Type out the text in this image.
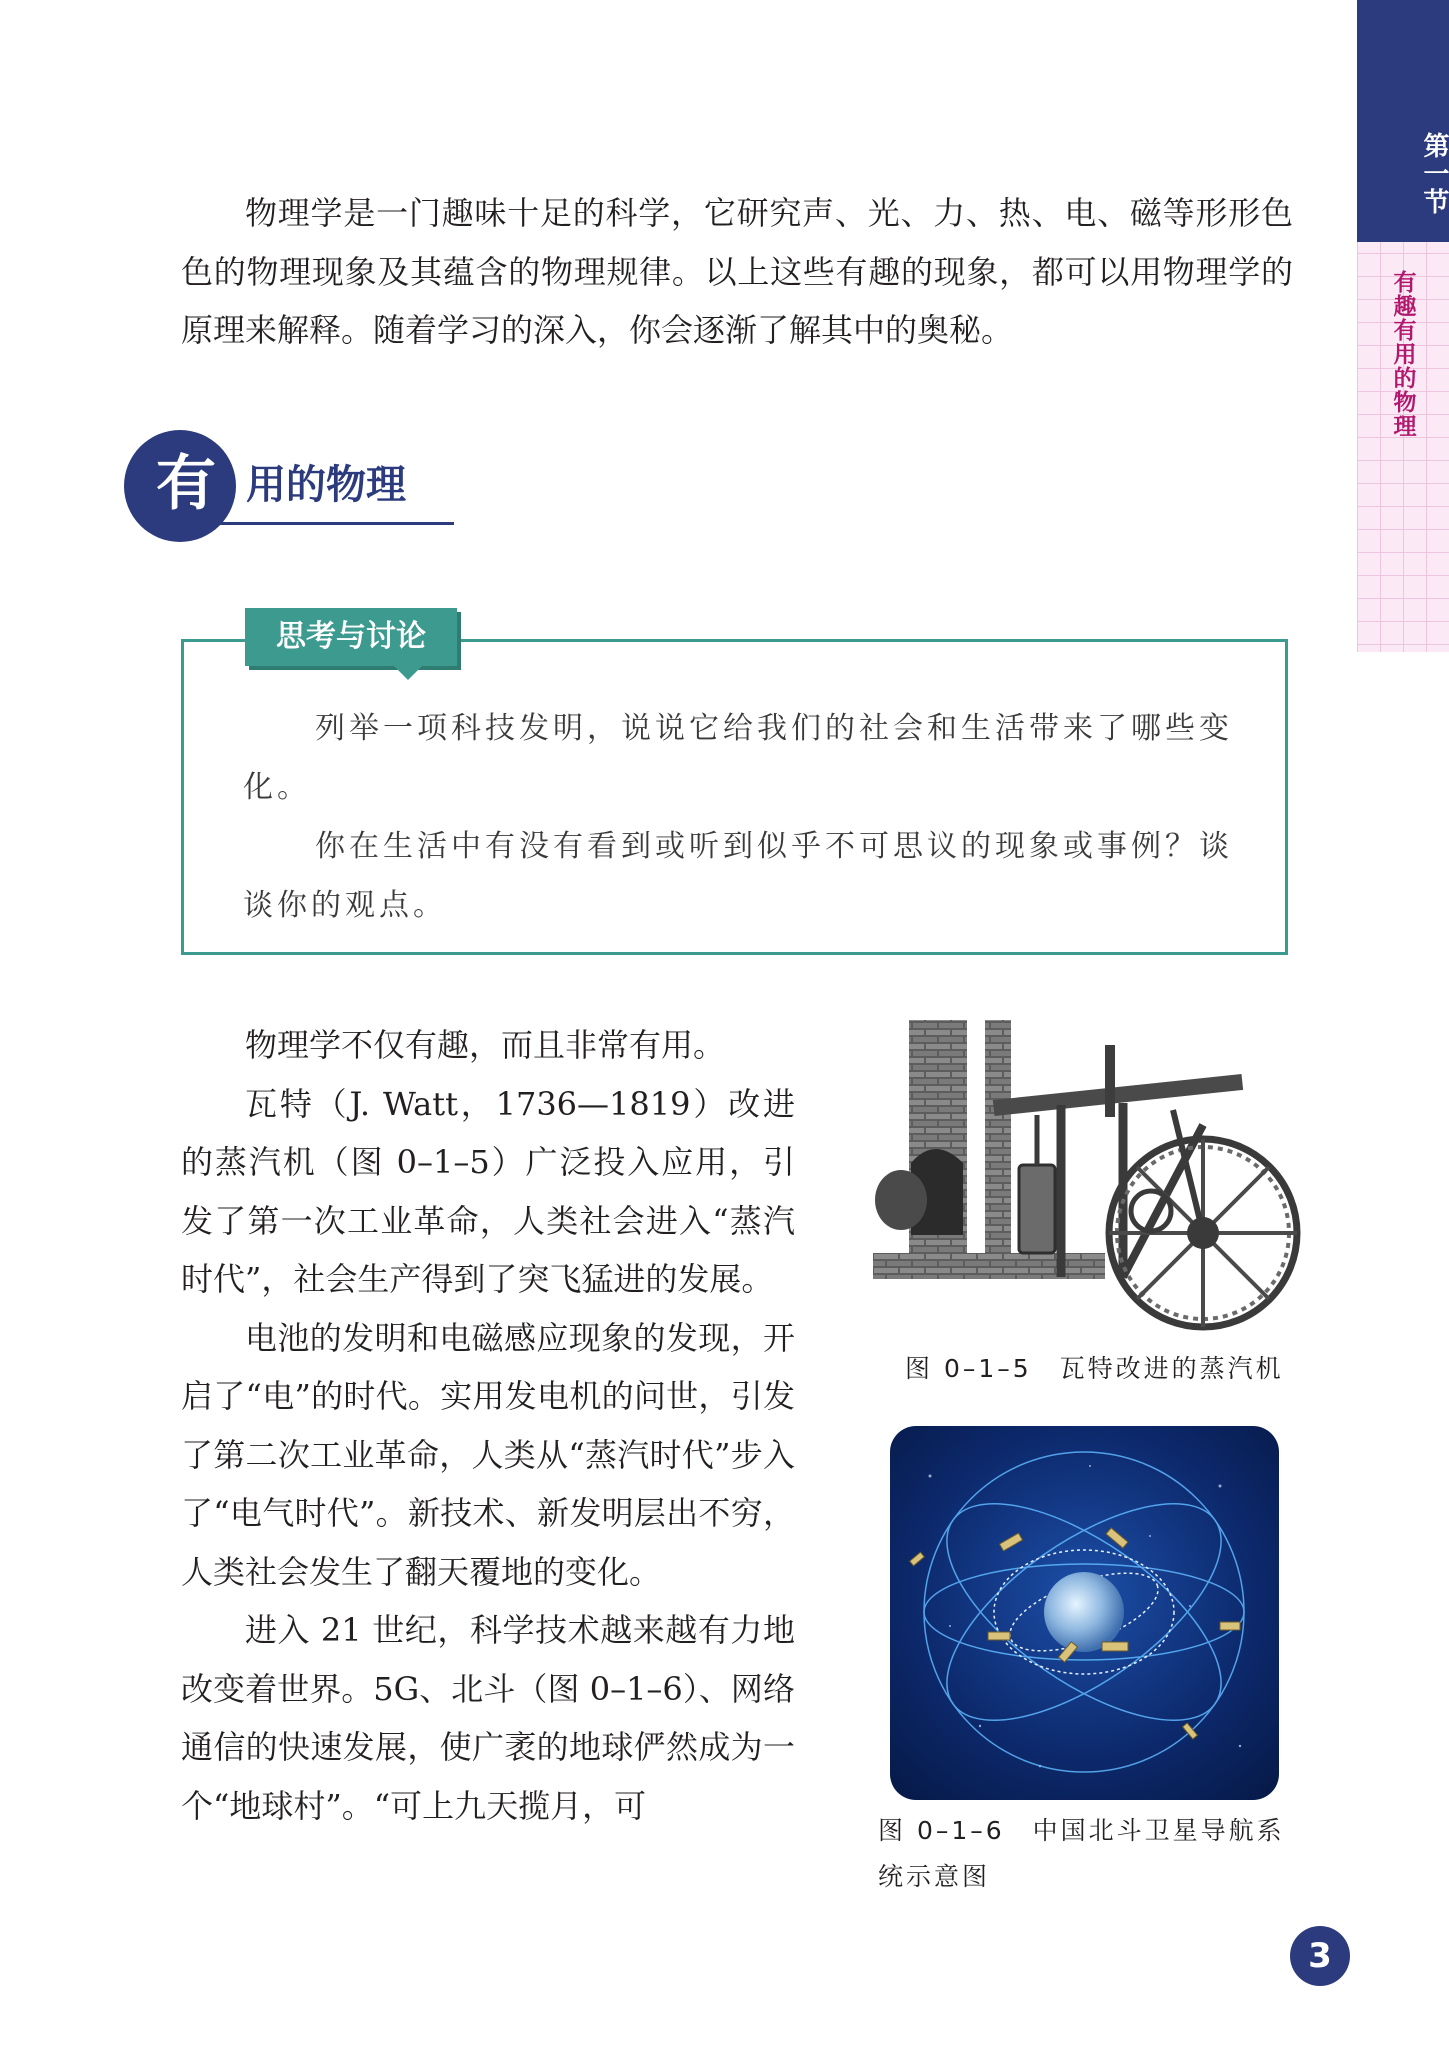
第一节
有趣有用的物理

物理学是一门趣味十足的科学，它研究声、光、力、热、电、磁等形形色色的物理现象及其蕴含的物理规律。以上这些有趣的现象，都可以用物理学的原理来解释。随着学习的深入，你会逐渐了解其中的奥秘。

有 用的物理
思考与讨论

列举一项科技发明，说说它给我们的社会和生活带来了哪些变化。

你在生活中有没有看到或听到似乎不可思议的现象或事例？谈谈你的观点。

物理学不仅有趣，而且非常有用。

瓦特（J. Watt，1736—1819）改进的蒸汽机（图 0–1–5）广泛投入应用，引发了第一次工业革命，人类社会进入“蒸汽时代”，社会生产得到了突飞猛进的发展。

电池的发明和电磁感应现象的发现，开启了“电”的时代。实用发电机的问世，引发了第二次工业革命，人类从“蒸汽时代”步入了“电气时代”。新技术、新发明层出不穷，人类社会发生了翻天覆地的变化。

进入 21 世纪，科学技术越来越有力地改变着世界。5G、北斗（图 0–1–6）、网络通信的快速发展，使广袤的地球俨然成为一个“地球村”。“可上九天揽月，可

图 0–1–5　瓦特改进的蒸汽机
图 0–1–6　中国北斗卫星导航系统示意图
3
